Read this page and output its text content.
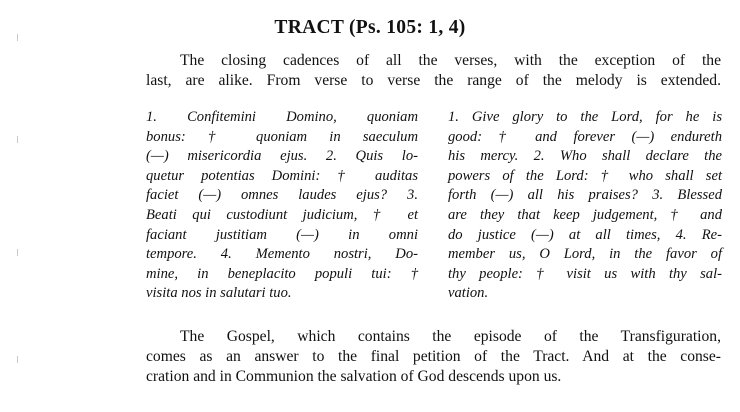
TRACT (Ps. 105: 1, 4)
The closing cadences of all the verses, with the exception of the
last, are alike. From verse to verse the range of the melody is extended.
1. Confitemini Domino, quoniam
bonus: † quoniam in saeculum
(—) misericordia ejus. 2. Quis lo-
quetur potentias Domini: † auditas
faciet (—) omnes laudes ejus? 3.
Beati qui custodiunt judicium, † et
faciant justitiam (—) in omni
tempore. 4. Memento nostri, Do-
mine, in beneplacito populi tui: †
visita nos in salutari tuo.
1. Give glory to the Lord, for he is
good: † and forever (—) endureth
his mercy. 2. Who shall declare the
powers of the Lord: † who shall set
forth (—) all his praises? 3. Blessed
are they that keep judgement, † and
do justice (—) at all times, 4. Re-
member us, O Lord, in the favor of
thy people: † visit us with thy sal-
vation.
The Gospel, which contains the episode of the Transfiguration,
comes as an answer to the final petition of the Tract. And at the conse-
cration and in Communion the salvation of God descends upon us.
